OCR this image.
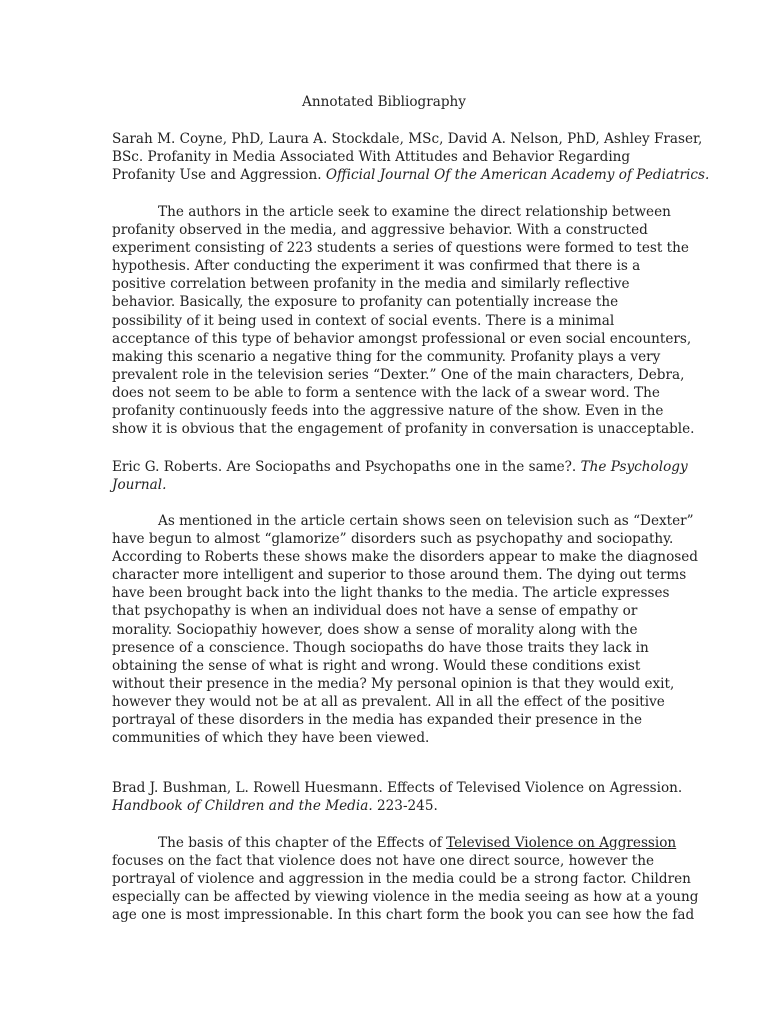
Annotated Bibliography
Sarah M. Coyne, PhD, Laura A. Stockdale, MSc, David A. Nelson, PhD, Ashley Fraser,
BSc. Profanity in Media Associated With Attitudes and Behavior Regarding
Profanity Use and Aggression. Official Journal Of the American Academy of Pediatrics.
The authors in the article seek to examine the direct relationship between
profanity observed in the media, and aggressive behavior. With a constructed
experiment consisting of 223 students a series of questions were formed to test the
hypothesis. After conducting the experiment it was confirmed that there is a
positive correlation between profanity in the media and similarly reflective
behavior. Basically, the exposure to profanity can potentially increase the
possibility of it being used in context of social events. There is a minimal
acceptance of this type of behavior amongst professional or even social encounters,
making this scenario a negative thing for the community. Profanity plays a very
prevalent role in the television series “Dexter.” One of the main characters, Debra,
does not seem to be able to form a sentence with the lack of a swear word. The
profanity continuously feeds into the aggressive nature of the show. Even in the
show it is obvious that the engagement of profanity in conversation is unacceptable.
Eric G. Roberts. Are Sociopaths and Psychopaths one in the same?. The Psychology
Journal.
As mentioned in the article certain shows seen on television such as “Dexter”
have begun to almost “glamorize” disorders such as psychopathy and sociopathy.
According to Roberts these shows make the disorders appear to make the diagnosed
character more intelligent and superior to those around them. The dying out terms
have been brought back into the light thanks to the media. The article expresses
that psychopathy is when an individual does not have a sense of empathy or
morality. Sociopathiy however, does show a sense of morality along with the
presence of a conscience. Though sociopaths do have those traits they lack in
obtaining the sense of what is right and wrong. Would these conditions exist
without their presence in the media? My personal opinion is that they would exit,
however they would not be at all as prevalent. All in all the effect of the positive
portrayal of these disorders in the media has expanded their presence in the
communities of which they have been viewed.
Brad J. Bushman, L. Rowell Huesmann. Effects of Televised Violence on Agression.
Handbook of Children and the Media. 223-245.
The basis of this chapter of the Effects of Televised Violence on Aggression
focuses on the fact that violence does not have one direct source, however the
portrayal of violence and aggression in the media could be a strong factor. Children
especially can be affected by viewing violence in the media seeing as how at a young
age one is most impressionable. In this chart form the book you can see how the fad
